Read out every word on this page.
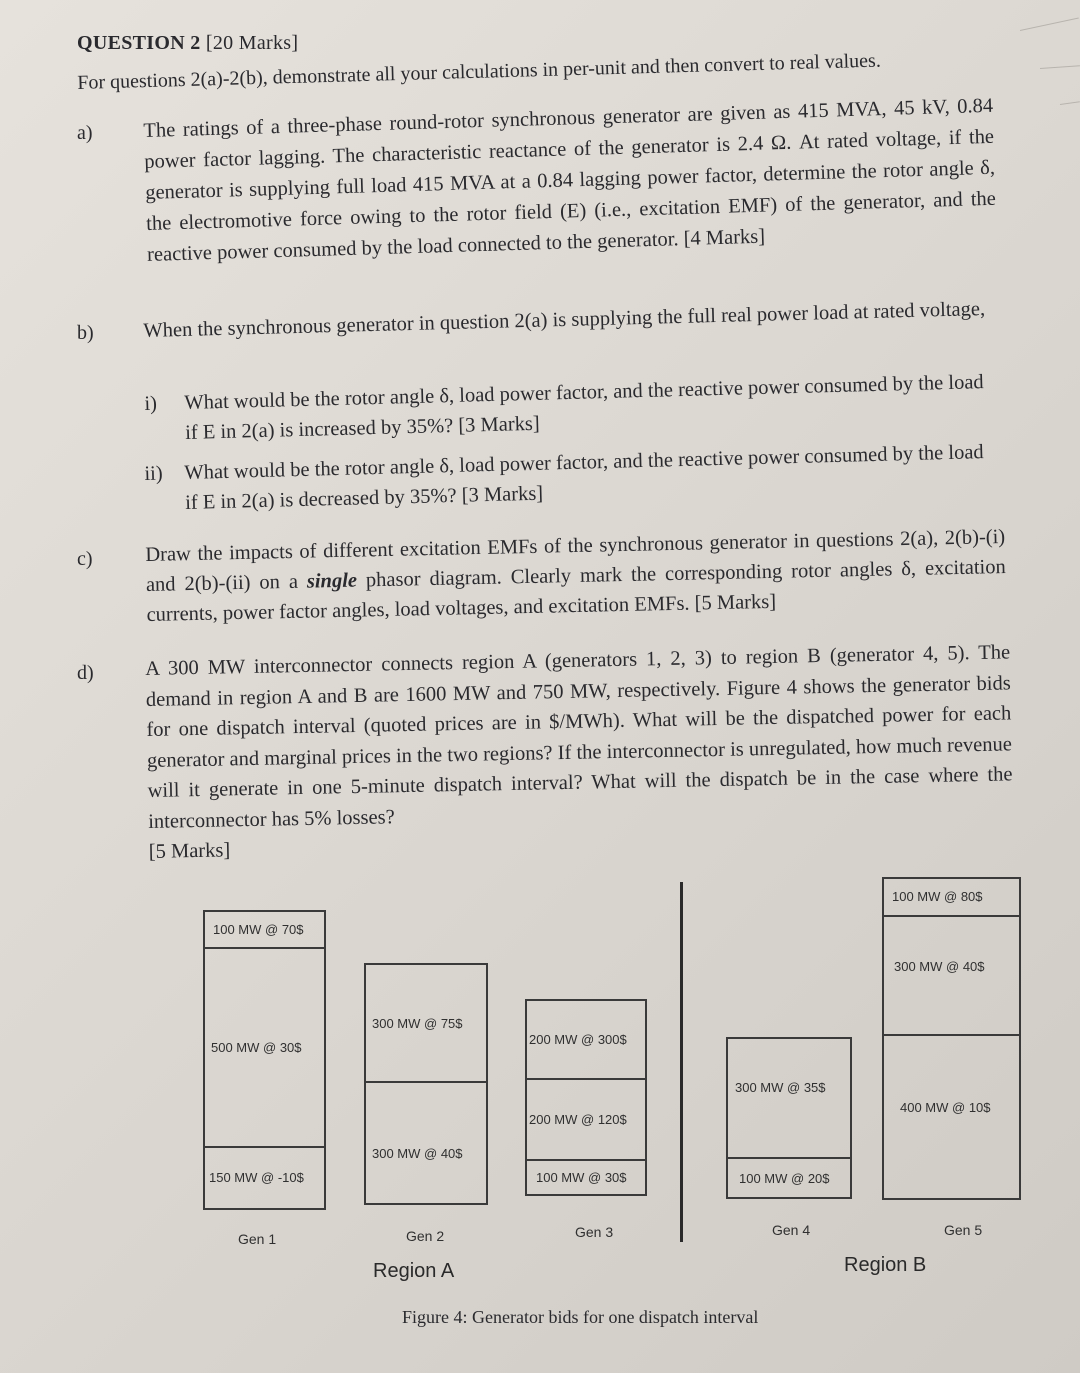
QUESTION 2 [20 Marks]
For questions 2(a)-2(b), demonstrate all your calculations in per-unit and then convert to real values.
a) The ratings of a three-phase round-rotor synchronous generator are given as 415 MVA, 45 kV, 0.84 power factor lagging. The characteristic reactance of the generator is 2.4 Ω. At rated voltage, if the generator is supplying full load 415 MVA at a 0.84 lagging power factor, determine the rotor angle δ, the electromotive force owing to the rotor field (E) (i.e., excitation EMF) of the generator, and the reactive power consumed by the load connected to the generator. [4 Marks]
b) When the synchronous generator in question 2(a) is supplying the full real power load at rated voltage,
i) What would be the rotor angle δ, load power factor, and the reactive power consumed by the load if E in 2(a) is increased by 35%? [3 Marks]
ii) What would be the rotor angle δ, load power factor, and the reactive power consumed by the load if E in 2(a) is decreased by 35%? [3 Marks]
c)	Draw the impacts of different excitation EMFs of the synchronous generator in questions 2(a), 2(b)-(i) and 2(b)-(ii) on a single phasor diagram. Clearly mark the corresponding rotor angles δ, excitation currents, power factor angles, load voltages, and excitation EMFs. [5 Marks]
d)	A 300 MW interconnector connects region A (generators 1, 2, 3) to region B (generator 4, 5). The demand in region A and B are 1600 MW and 750 MW, respectively. Figure 4 shows the generator bids for one dispatch interval (quoted prices are in $/MWh). What will be the dispatched power for each generator and marginal prices in the two regions? If the interconnector is unregulated, how much revenue will it generate in one 5-minute dispatch interval? What will the dispatch be in the case where the interconnector has 5% losses?
[5 Marks]
100 MW @ 70$
500 MW @ 30$
150 MW @ -10$
Gen 1
300 MW @ 75$
300 MW @ 40$
Gen 2
200 MW @ 300$
200 MW @ 120$
100 MW @ 30$
Gen 3
300 MW @ 35$
100 MW @ 20$
Gen 4
100 MW @ 80$
300 MW @ 40$
400 MW @ 10$
Gen 5
Region A	Region B
Figure 4: Generator bids for one dispatch interval
